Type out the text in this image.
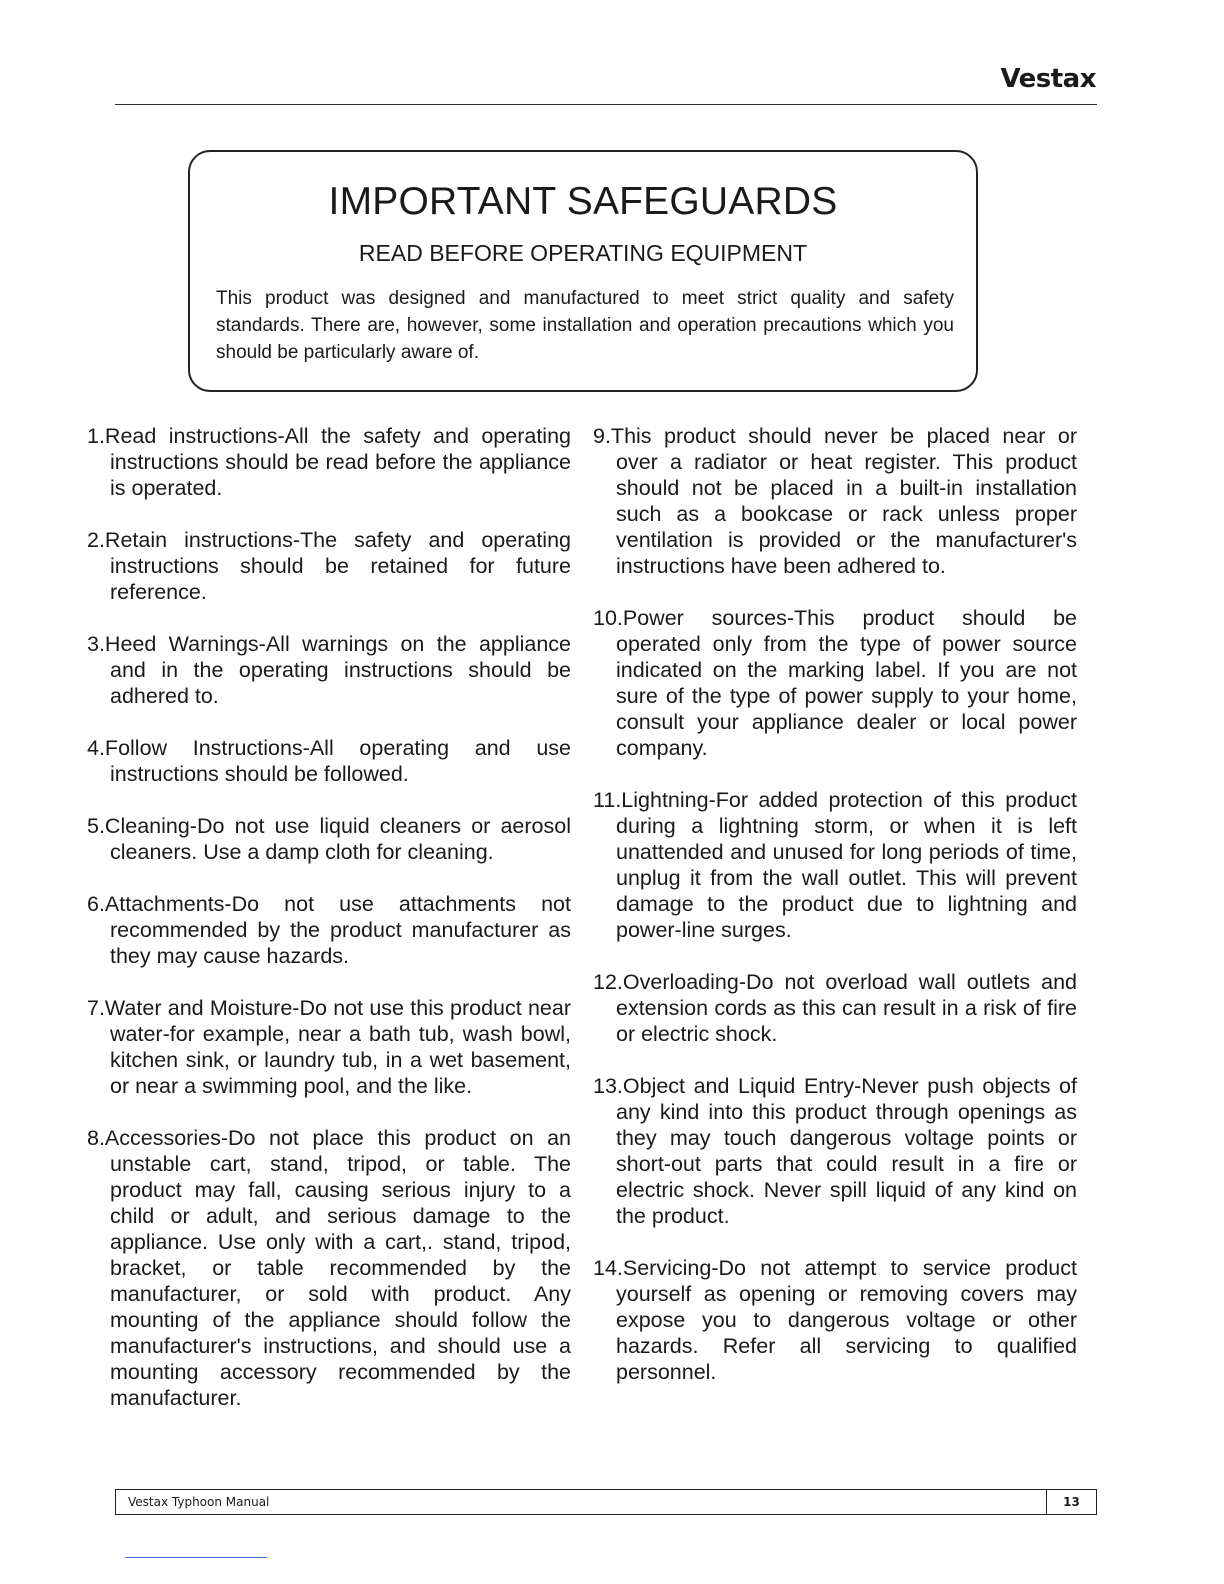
Vestax
IMPORTANT SAFEGUARDS
READ BEFORE OPERATING EQUIPMENT
This product was designed and manufactured to meet strict quality and safety standards. There are, however, some installation and operation precautions which you should be particularly aware of.

1.Read instructions-All the safety and operating instructions should be read before the appliance is operated.

2.Retain instructions-The safety and operating instructions should be retained for future reference.

3.Heed Warnings-All warnings on the appliance and in the operating instructions should be adhered to.

4.Follow Instructions-All operating and use instructions should be followed.

5.Cleaning-Do not use liquid cleaners or aerosol cleaners. Use a damp cloth for cleaning.

6.Attachments-Do not use attachments not recommended by the product manufacturer as they may cause hazards.

7.Water and Moisture-Do not use this product near water-for example, near a bath tub, wash bowl, kitchen sink, or laundry tub, in a wet basement, or near a swimming pool, and the like.

8.Accessories-Do not place this product on an unstable cart, stand, tripod, or table. The product may fall, causing serious injury to a child or adult, and serious damage to the appliance. Use only with a cart,. stand, tripod, bracket, or table recommended by the manufacturer, or sold with product. Any mounting of the appliance should follow the manufacturer's instructions, and should use a mounting accessory recommended by the manufacturer.

9.This product should never be placed near or over a radiator or heat register. This product should not be placed in a built-in installation such as a bookcase or rack unless proper ventilation is provided or the manufacturer's instructions have been adhered to.

10.Power sources-This product should be operated only from the type of power source indicated on the marking label. If you are not sure of the type of power supply to your home, consult your appliance dealer or local power company.

11.Lightning-For added protection of this product during a lightning storm, or when it is left unattended and unused for long periods of time, unplug it from the wall outlet. This will prevent damage to the product due to lightning and power-line surges.

12.Overloading-Do not overload wall outlets and extension cords as this can result in a risk of fire or electric shock.

13.Object and Liquid Entry-Never push objects of any kind into this product through openings as they may touch dangerous voltage points or short-out parts that could result in a fire or electric shock. Never spill liquid of any kind on the product.

14.Servicing-Do not attempt to service product yourself as opening or removing covers may expose you to dangerous voltage or other hazards. Refer all servicing to qualified personnel.

Vestax Typhoon Manual	13
